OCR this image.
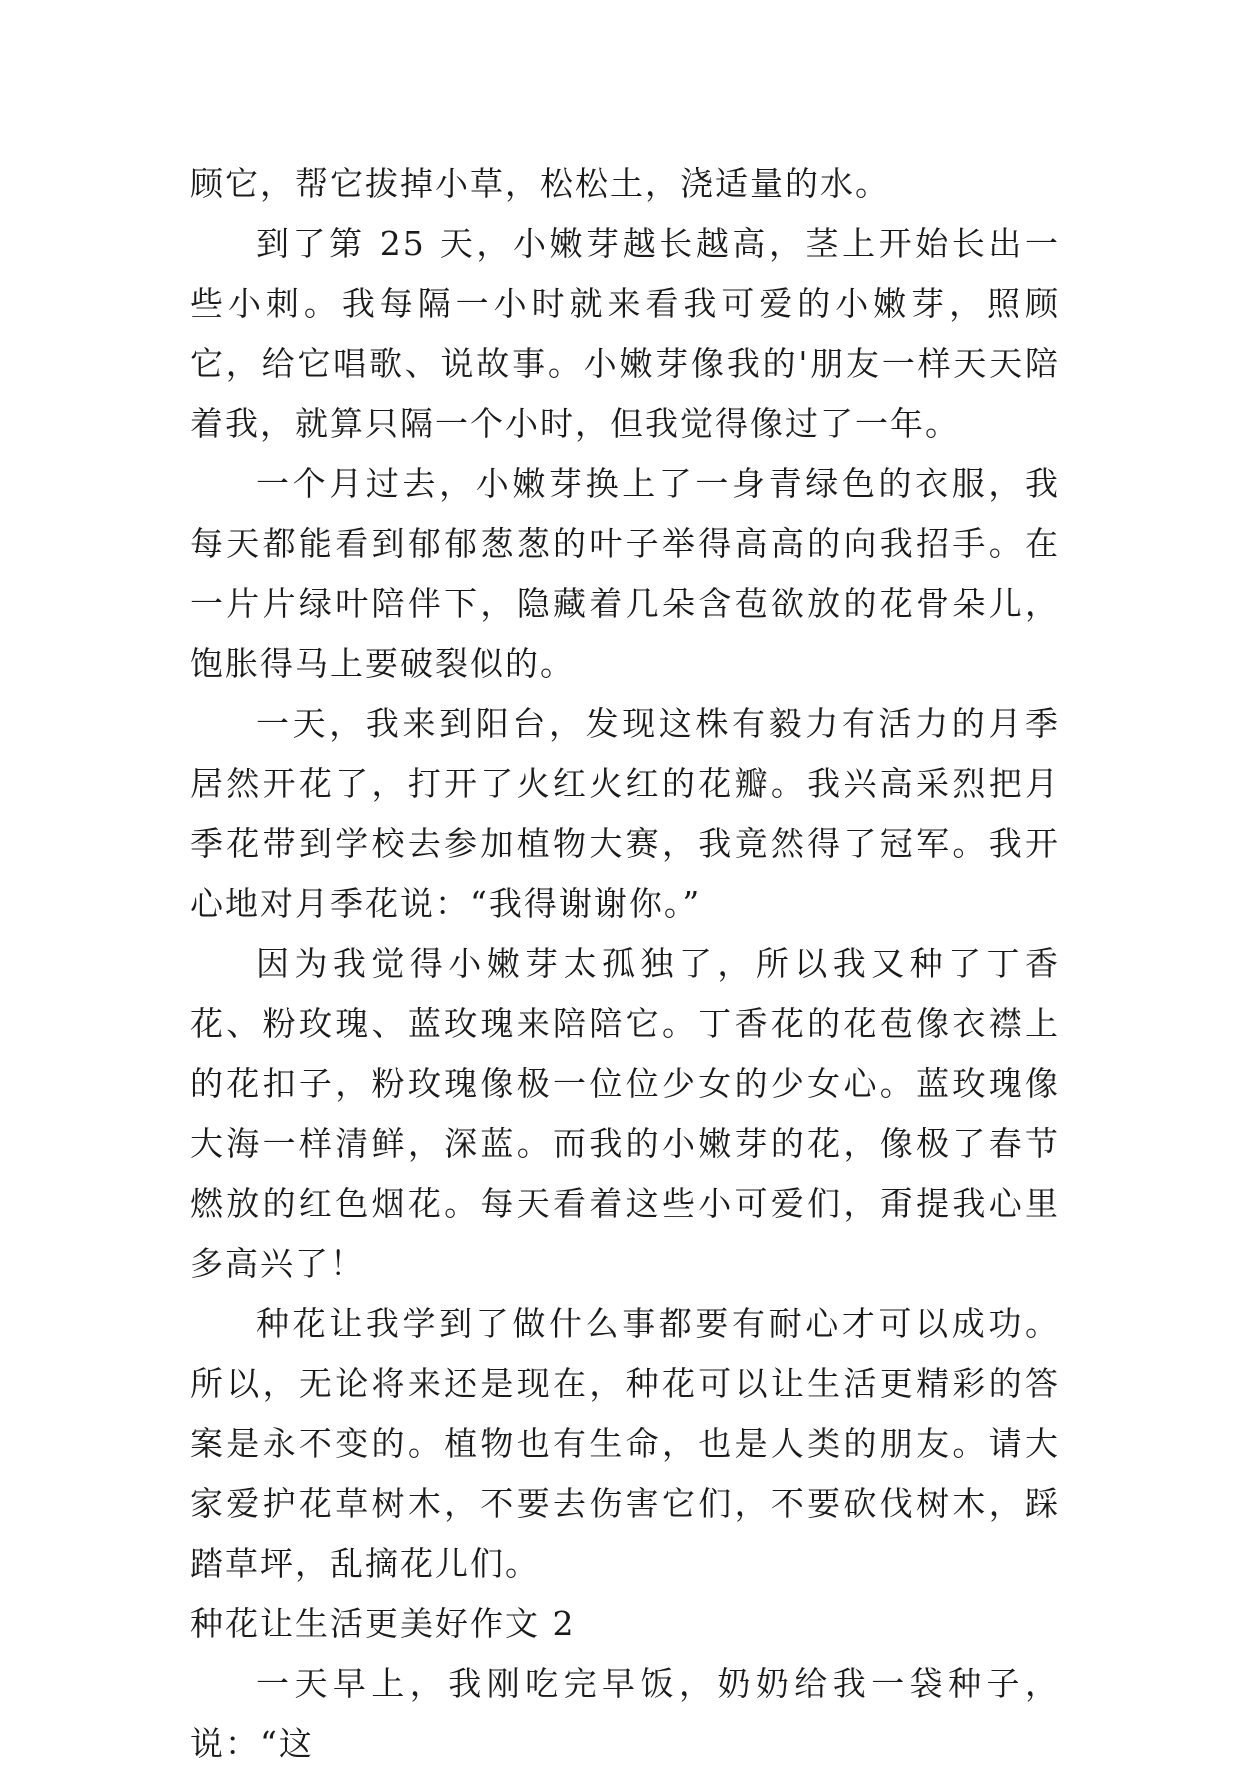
顾它，帮它拔掉小草，松松土，浇适量的水。

到了第 25 天，小嫩芽越长越高，茎上开始长出一些小刺。我每隔一小时就来看我可爱的小嫩芽，照顾它，给它唱歌、说故事。小嫩芽像我的'朋友一样天天陪着我，就算只隔一个小时，但我觉得像过了一年。

一个月过去，小嫩芽换上了一身青绿色的衣服，我每天都能看到郁郁葱葱的叶子举得高高的向我招手。在一片片绿叶陪伴下，隐藏着几朵含苞欲放的花骨朵儿，饱胀得马上要破裂似的。

一天，我来到阳台，发现这株有毅力有活力的月季居然开花了，打开了火红火红的花瓣。我兴高采烈把月季花带到学校去参加植物大赛，我竟然得了冠军。我开心地对月季花说：“我得谢谢你。”

因为我觉得小嫩芽太孤独了，所以我又种了丁香花、粉玫瑰、蓝玫瑰来陪陪它。丁香花的花苞像衣襟上的花扣子，粉玫瑰像极一位位少女的少女心。蓝玫瑰像大海一样清鲜，深蓝。而我的小嫩芽的花，像极了春节燃放的红色烟花。每天看着这些小可爱们，甭提我心里多高兴了！

种花让我学到了做什么事都要有耐心才可以成功。所以，无论将来还是现在，种花可以让生活更精彩的答案是永不变的。植物也有生命，也是人类的朋友。请大家爱护花草树木，不要去伤害它们，不要砍伐树木，踩踏草坪，乱摘花儿们。

种花让生活更美好作文 2

一天早上，我刚吃完早饭，奶奶给我一袋种子，说：“这
